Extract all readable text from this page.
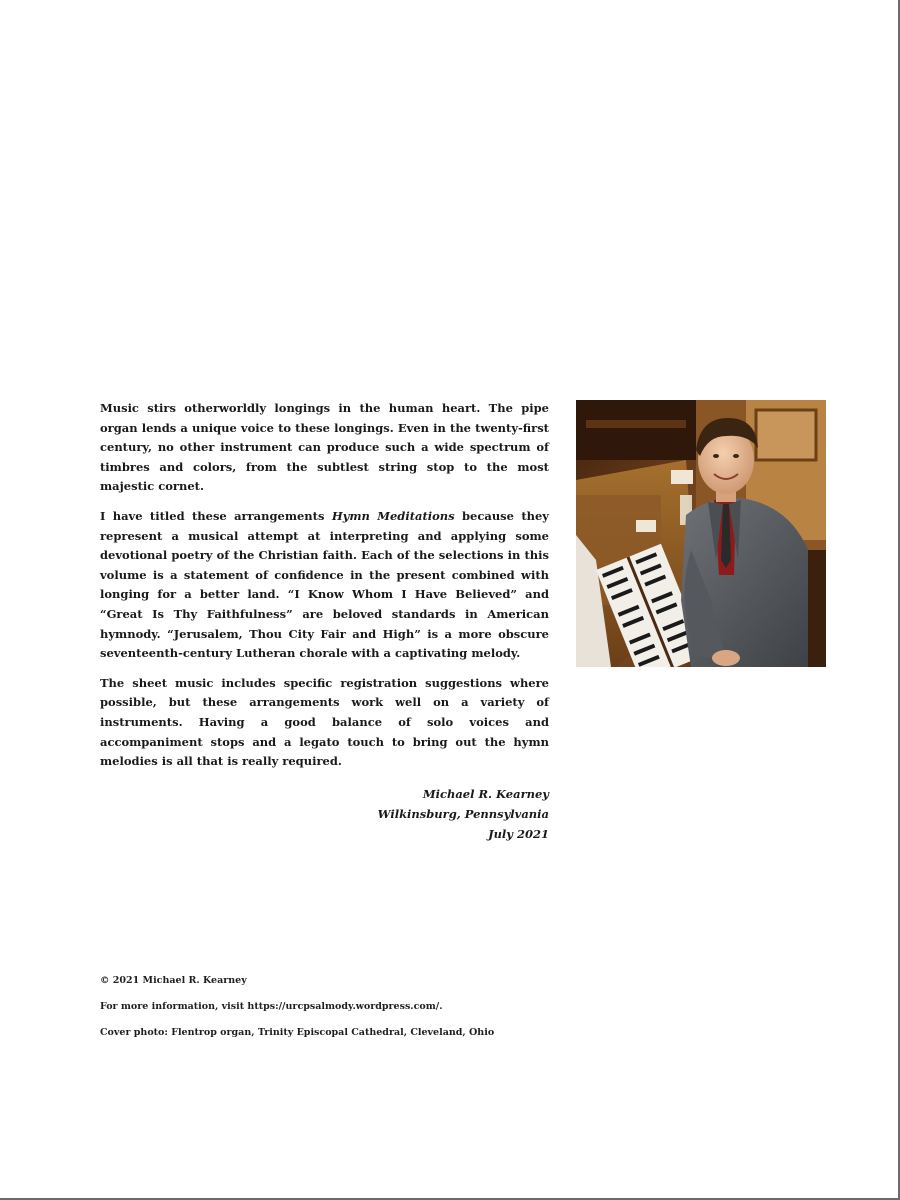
Music stirs otherworldly longings in the human heart. The pipe organ lends a unique voice to these longings. Even in the twenty-first century, no other instrument can produce such a wide spectrum of timbres and colors, from the subtlest string stop to the most majestic cornet.

I have titled these arrangements Hymn Meditations because they represent a musical attempt at interpreting and applying some devotional poetry of the Christian faith. Each of the selections in this volume is a statement of confidence in the present combined with longing for a better land. “I Know Whom I Have Believed” and “Great Is Thy Faithfulness” are beloved standards in American hymnody. “Jerusalem, Thou City Fair and High” is a more obscure seventeenth-century Lutheran chorale with a captivating melody.

The sheet music includes specific registration suggestions where possible, but these arrangements work well on a variety of instruments. Having a good balance of solo voices and accompaniment stops and a legato touch to bring out the hymn melodies is all that is really required.

Michael R. Kearney
Wilkinsburg, Pennsylvania
July 2021
© 2021 Michael R. Kearney
For more information, visit https://urcpsalmody.wordpress.com/.
Cover photo: Flentrop organ, Trinity Episcopal Cathedral, Cleveland, Ohio
